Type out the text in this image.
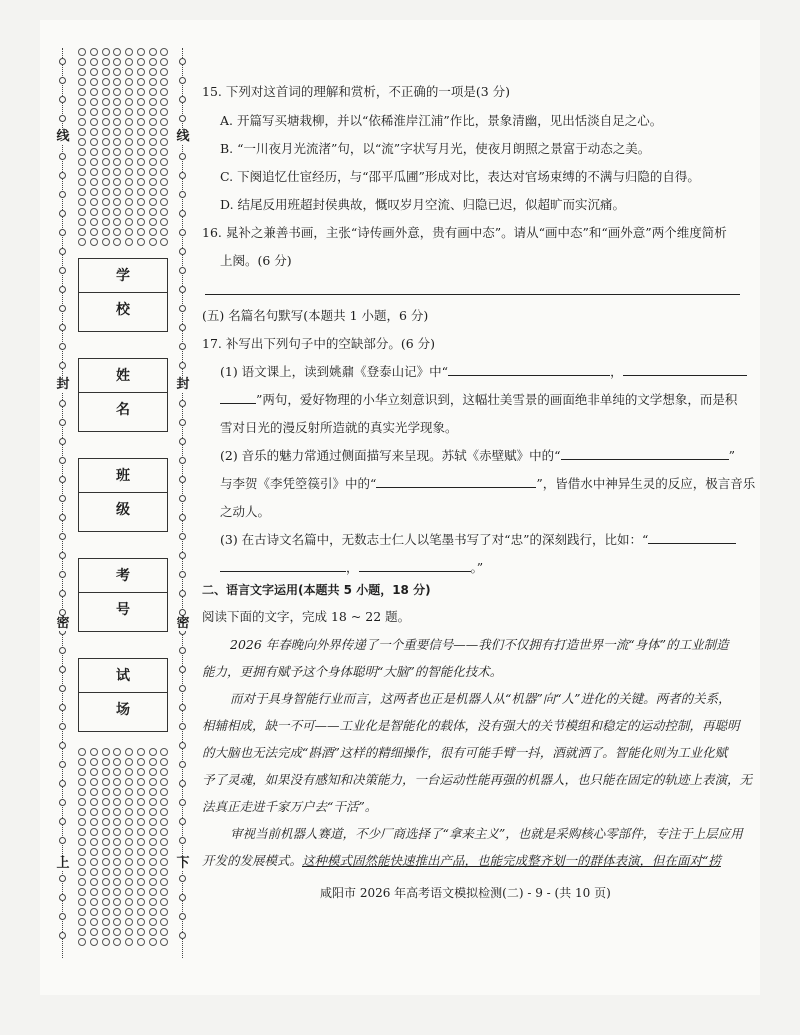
线	线
封	封
密	密
上	下
学校
姓名
班级
考号
试场
15. 下列对这首词的理解和赏析，不正确的一项是(3 分)
A. 开篇写买塘栽柳，并以“依稀淮岸江浦”作比，景象清幽，见出恬淡自足之心。
B. “一川夜月光流渚”句，以“流”字状写月光，使夜月朗照之景富于动态之美。
C. 下阕追忆仕宦经历，与“邵平瓜圃”形成对比，表达对官场束缚的不满与归隐的自得。
D. 结尾反用班超封侯典故，慨叹岁月空流、归隐已迟，似超旷而实沉痛。
16. 晁补之兼善书画，主张“诗传画外意，贵有画中态”。请从“画中态”和“画外意”两个维度简析
上阕。(6 分)
(五) 名篇名句默写(本题共 1 小题，6 分)
17. 补写出下列句子中的空缺部分。(6 分)
(1) 语文课上，读到姚鼐《登泰山记》中“	，
”两句，爱好物理的小华立刻意识到，这幅壮美雪景的画面绝非单纯的文学想象，而是积
雪对日光的漫反射所造就的真实光学现象。
(2) 音乐的魅力常通过侧面描写来呈现。苏轼《赤壁赋》中的“	”
与李贺《李凭箜篌引》中的“	”，皆借水中神异生灵的反应，极言音乐
之动人。
(3) 在古诗文名篇中，无数志士仁人以笔墨书写了对“忠”的深刻践行，比如：“
，	。”
二、语言文字运用(本题共 5 小题，18 分)
阅读下面的文字，完成 18 ~ 22 题。
2026 年春晚向外界传递了一个重要信号——我们不仅拥有打造世界一流“身体”的工业制造
能力，更拥有赋予这个身体聪明“大脑”的智能化技术。
而对于具身智能行业而言，这两者也正是机器人从“机器”向“人”进化的关键。两者的关系，
相辅相成，缺一不可——工业化是智能化的载体，没有强大的关节模组和稳定的运动控制，再聪明
的大脑也无法完成“斟酒”这样的精细操作，很有可能手臂一抖，酒就洒了。智能化则为工业化赋
予了灵魂，如果没有感知和决策能力，一台运动性能再强的机器人，也只能在固定的轨迹上表演，无
法真正走进千家万户去“干活”。
审视当前机器人赛道，不少厂商选择了“拿来主义”，也就是采购核心零部件，专注于上层应用
开发的发展模式。这种模式固然能快速推出产品，也能完成整齐划一的群体表演，但在面对“捞
咸阳市 2026 年高考语文模拟检测(二) - 9 - (共 10 页)
